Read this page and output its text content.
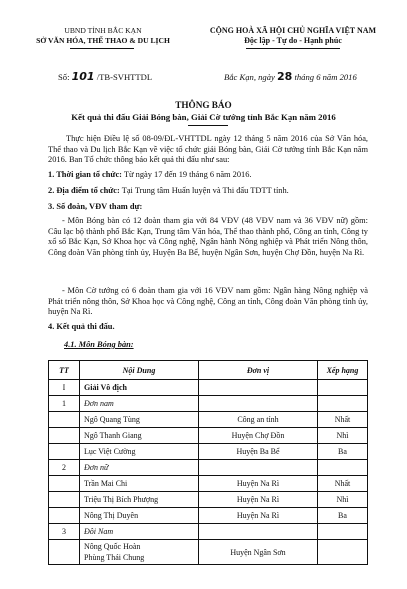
UBND TỈNH BẮC KẠN
SỞ VĂN HÓA, THỂ THAO & DU LỊCH
CỘNG HOÀ XÃ HỘI CHỦ NGHĨA VIỆT NAM
Độc lập - Tự do - Hạnh phúc
Số: 101 /TB-SVHTTDL	Bắc Kạn, ngày 28 tháng 6 năm 2016
THÔNG BÁO
Kết quả thi đấu Giải Bóng bàn, Giải Cờ tướng tỉnh Bắc Kạn năm 2016
Thực hiện Điều lệ số 08-09/ĐL-VHTTDL ngày 12 tháng 5 năm 2016 của Sở Văn hóa, Thể thao và Du lịch Bắc Kạn về việc tổ chức giải Bóng bàn, Giải Cờ tướng tỉnh Bắc Kạn năm 2016. Ban Tổ chức thông báo kết quả thi đấu như sau:
1. Thời gian tổ chức: Từ ngày 17 đến 19 tháng 6 năm 2016.
2. Địa điểm tổ chức: Tại Trung tâm Huấn luyện và Thi đấu TDTT tỉnh.
3. Số đoàn, VĐV tham dự:
- Môn Bóng bàn có 12 đoàn tham gia với 84 VĐV (48 VĐV nam và 36 VĐV nữ) gồm: Câu lạc bộ thành phố Bắc Kạn, Trung tâm Văn hóa, Thể thao thành phố, Công an tỉnh, Công ty xổ số Bắc Kạn, Sở Khoa học và Công nghệ, Ngân hành Nông nghiệp và Phát triển Nông thôn, Công đoàn Văn phòng tỉnh ủy, Huyện Ba Bể, huyện Ngân Sơn, huyện Chợ Đồn, huyện Na Rì.
- Môn Cờ tướng có 6 đoàn tham gia với 16 VĐV nam gồm: Ngân hàng Nông nghiệp và Phát triển nông thôn, Sở Khoa học và Công nghệ, Công an tỉnh, Công đoàn Văn phòng tỉnh ủy, huyện Na Rì.
4. Kết quả thi đấu.
4.1. Môn Bóng bàn:
TT	Nội Dung	Đơn vị	Xếp hạng
I	Giải Vô địch		
1	Đơn nam		
	Ngô Quang Tùng	Công an tỉnh	Nhất
	Ngô Thanh Giang	Huyện Chợ Đồn	Nhì
	Lục Việt Cường	Huyện Ba Bể	Ba
2	Đơn nữ		
	Trần Mai Chi	Huyện Na Rì	Nhất
	Triệu Thị Bích Phượng	Huyện Na Rì	Nhì
	Nông Thị Duyên	Huyện Na Rì	Ba
3	Đôi Nam		
	Nông Quốc Hoàn
Phùng Thái Chung	Huyện Ngân Sơn	
